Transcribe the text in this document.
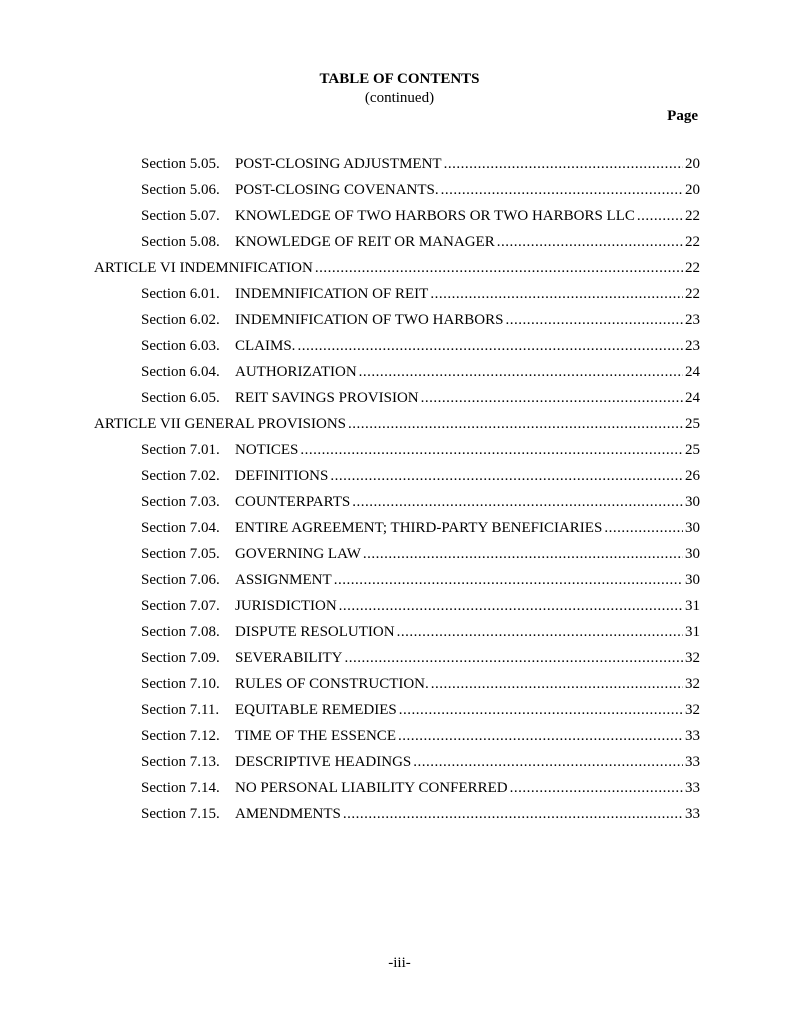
TABLE OF CONTENTS
(continued)
Page
Section 5.05.	POST-CLOSING ADJUSTMENT .....	20
Section 5.06.	POST-CLOSING COVENANTS. .....	20
Section 5.07.	KNOWLEDGE OF TWO HARBORS OR TWO HARBORS LLC .....	22
Section 5.08.	KNOWLEDGE OF REIT OR MANAGER .....	22
ARTICLE VI INDEMNIFICATION .....	22
Section 6.01.	INDEMNIFICATION OF REIT .....	22
Section 6.02.	INDEMNIFICATION OF TWO HARBORS .....	23
Section 6.03.	CLAIMS. .....	23
Section 6.04.	AUTHORIZATION .....	24
Section 6.05.	REIT SAVINGS PROVISION .....	24
ARTICLE VII GENERAL PROVISIONS .....	25
Section 7.01.	NOTICES .....	25
Section 7.02.	DEFINITIONS .....	26
Section 7.03.	COUNTERPARTS .....	30
Section 7.04.	ENTIRE AGREEMENT; THIRD-PARTY BENEFICIARIES .....	30
Section 7.05.	GOVERNING LAW .....	30
Section 7.06.	ASSIGNMENT .....	30
Section 7.07.	JURISDICTION .....	31
Section 7.08.	DISPUTE RESOLUTION .....	31
Section 7.09.	SEVERABILITY .....	32
Section 7.10.	RULES OF CONSTRUCTION. .....	32
Section 7.11.	EQUITABLE REMEDIES .....	32
Section 7.12.	TIME OF THE ESSENCE .....	33
Section 7.13.	DESCRIPTIVE HEADINGS .....	33
Section 7.14.	NO PERSONAL LIABILITY CONFERRED .....	33
Section 7.15.	AMENDMENTS .....	33
-iii-
